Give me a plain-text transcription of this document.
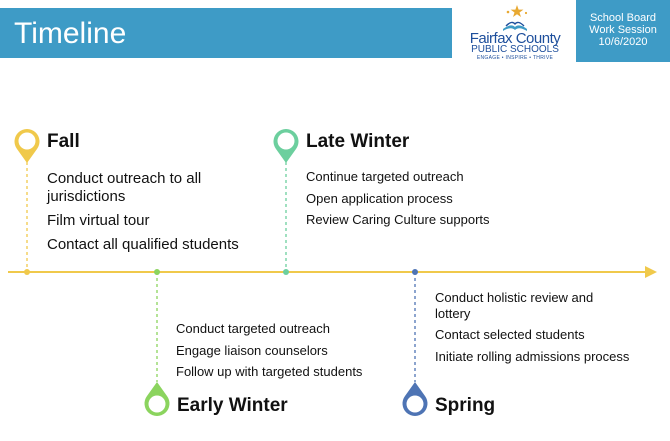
Timeline	Fairfax County
PUBLIC SCHOOLS
ENGAGE • INSPIRE • THRIVE
School Board
Work Session
10/6/2020
Fall
Conduct outreach to all jurisdictions
Film virtual tour
Contact all qualified students
Late Winter
Continue targeted outreach
Open application process
Review Caring Culture supports
Conduct targeted outreach
Engage liaison counselors
Follow up with targeted students
Early Winter
Conduct holistic review and lottery
Contact selected students
Initiate rolling admissions process
Spring
